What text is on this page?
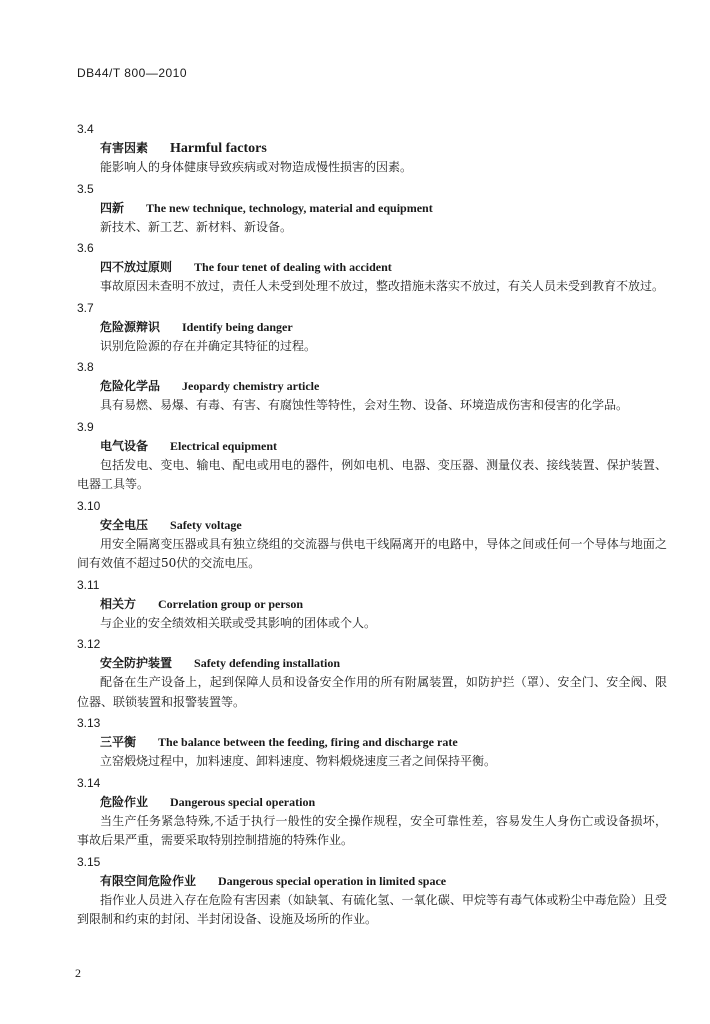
DB44/T 800—2010
3.4
有害因素 Harmful factors
能影响人的身体健康导致疾病或对物造成慢性损害的因素。
3.5
四新 The new technique, technology, material and equipment
新技术、新工艺、新材料、新设备。
3.6
四不放过原则 The four tenet of dealing with accident
事故原因未查明不放过，责任人未受到处理不放过，整改措施未落实不放过，有关人员未受到教育不放过。
3.7
危险源辩识 Identify being danger
识别危险源的存在并确定其特征的过程。
3.8
危险化学品 Jeopardy chemistry article
具有易燃、易爆、有毒、有害、有腐蚀性等特性，会对生物、设备、环境造成伤害和侵害的化学品。
3.9
电气设备 Electrical equipment
包括发电、变电、输电、配电或用电的器件，例如电机、电器、变压器、测量仪表、接线装置、保护装置、电器工具等。
3.10
安全电压 Safety voltage
用安全隔离变压器或具有独立绕组的交流器与供电干线隔离开的电路中，导体之间或任何一个导体与地面之间有效值不超过50伏的交流电压。
3.11
相关方 Correlation group or person
与企业的安全绩效相关联或受其影响的团体或个人。
3.12
安全防护装置 Safety defending installation
配备在生产设备上，起到保障人员和设备安全作用的所有附属装置，如防护拦（罩）、安全门、安全阀、限位器、联锁装置和报警装置等。
3.13
三平衡 The balance between the feeding, firing and discharge rate
立窑煅烧过程中，加料速度、卸料速度、物料煅烧速度三者之间保持平衡。
3.14
危险作业 Dangerous special operation
当生产任务紧急特殊,不适于执行一般性的安全操作规程，安全可靠性差，容易发生人身伤亡或设备损坏，事故后果严重，需要采取特别控制措施的特殊作业。
3.15
有限空间危险作业 Dangerous special operation in limited space
指作业人员进入存在危险有害因素（如缺氧、有硫化氢、一氧化碳、甲烷等有毒气体或粉尘中毒危险）且受到限制和约束的封闭、半封闭设备、设施及场所的作业。
2
